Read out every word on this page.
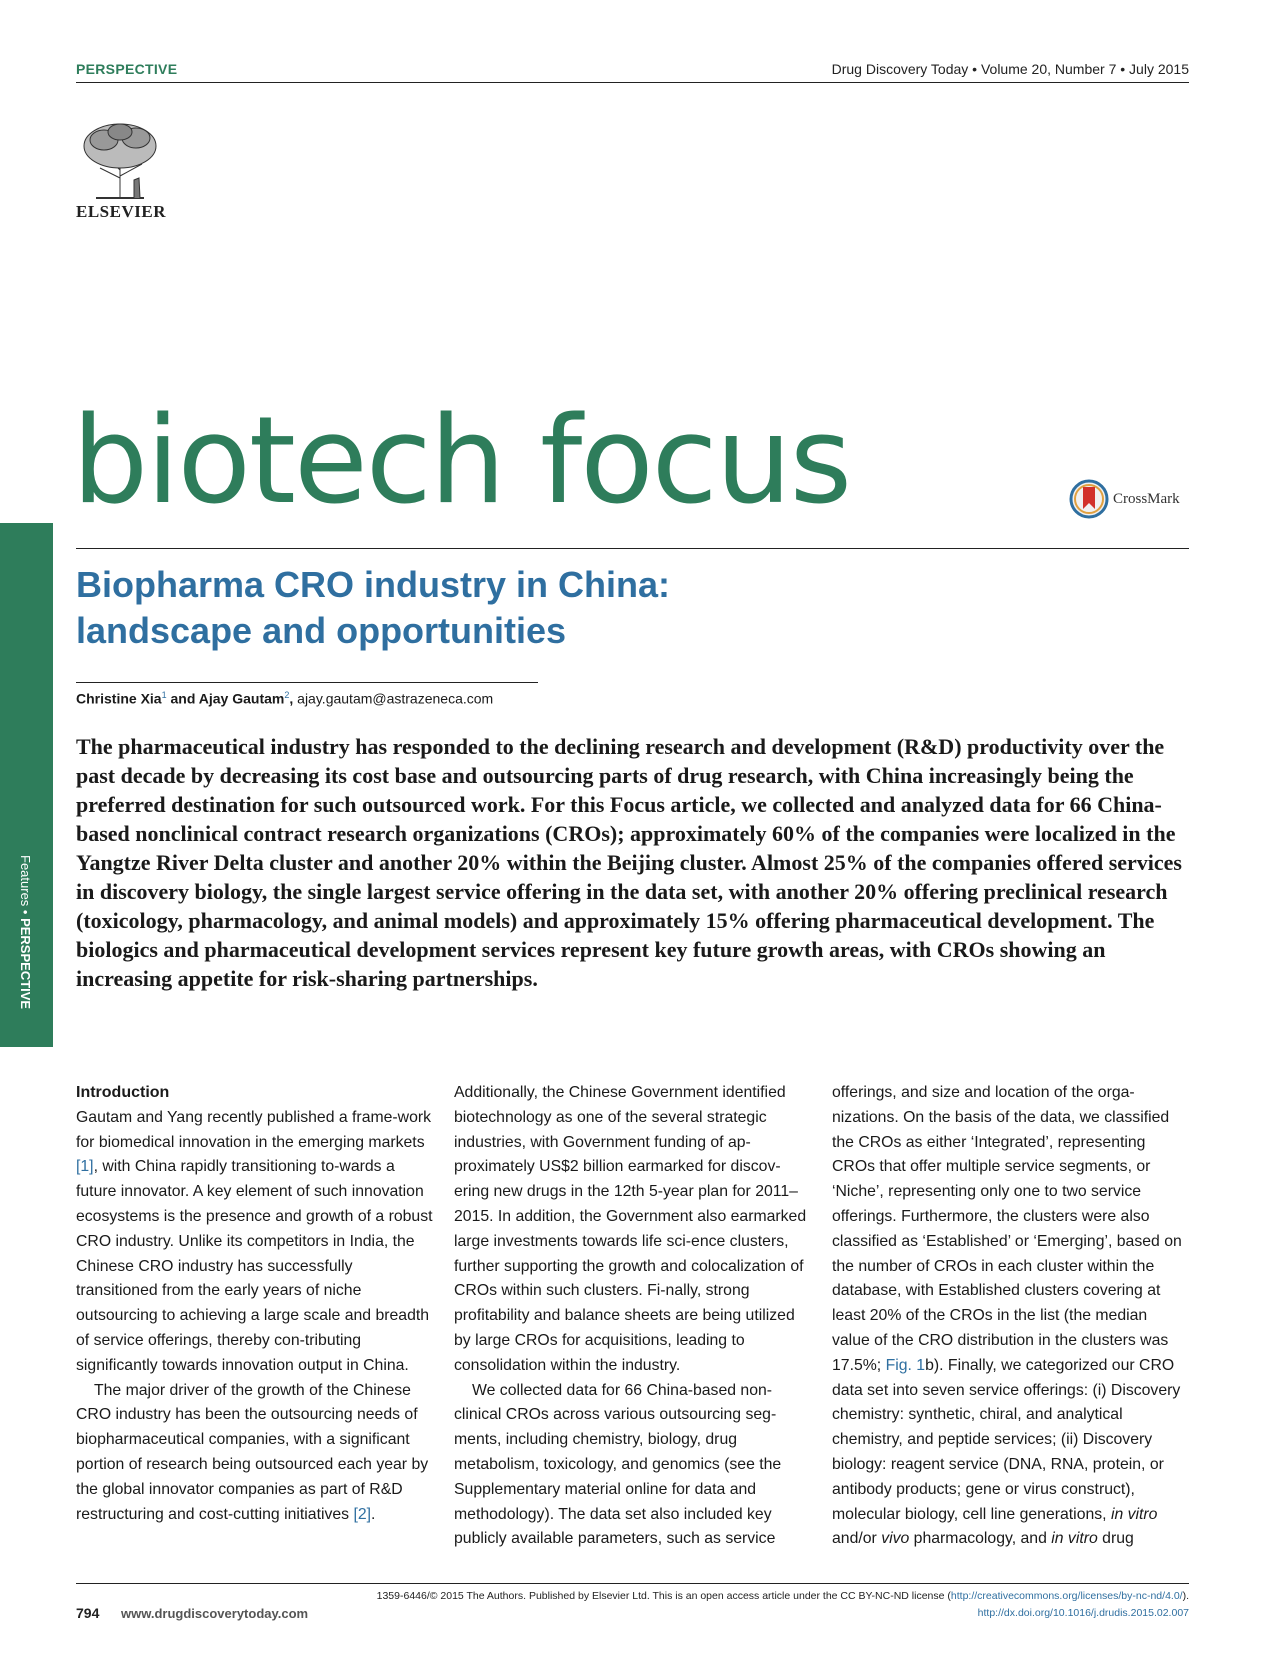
PERSPECTIVE	Drug Discovery Today • Volume 20, Number 7 • July 2015
ELSEVIER
biotech focus	CrossMark
Biopharma CRO industry in China:
landscape and opportunities
Christine Xia$^1$ and Ajay Gautam$^2$, ajay.gautam@astrazeneca.com
The pharmaceutical industry has responded to the declining research and development (R&D) productivity over the past decade by decreasing its cost base and outsourcing parts of drug research, with China increasingly being the preferred destination for such outsourced work. For this Focus article, we collected and analyzed data for 66 China-based nonclinical contract research organizations (CROs); approximately 60% of the companies were localized in the Yangtze River Delta cluster and another 20% within the Beijing cluster. Almost 25% of the companies offered services in discovery biology, the single largest service offering in the data set, with another 20% offering preclinical research (toxicology, pharmacology, and animal models) and approximately 15% offering pharmaceutical development. The biologics and pharmaceutical development services represent key future growth areas, with CROs showing an increasing appetite for risk-sharing partnerships.
Features • PERSPECTIVE
Introduction

Gautam and Yang recently published a frame-work for biomedical innovation in the emerging markets [1], with China rapidly transitioning to-wards a future innovator. A key element of such innovation ecosystems is the presence and growth of a robust CRO industry. Unlike its competitors in India, the Chinese CRO industry has successfully transitioned from the early years of niche outsourcing to achieving a large scale and breadth of service offerings, thereby con-tributing significantly towards innovation output in China.

The major driver of the growth of the Chinese CRO industry has been the outsourcing needs of biopharmaceutical companies, with a significant portion of research being outsourced each year by the global innovator companies as part of R&D restructuring and cost-cutting initiatives [2].

Additionally, the Chinese Government identified biotechnology as one of the several strategic industries, with Government funding of ap-proximately US$2 billion earmarked for discov-ering new drugs in the 12th 5-year plan for 2011–2015. In addition, the Government also earmarked large investments towards life sci-ence clusters, further supporting the growth and colocalization of CROs within such clusters. Fi-nally, strong profitability and balance sheets are being utilized by large CROs for acquisitions, leading to consolidation within the industry.

We collected data for 66 China-based non-clinical CROs across various outsourcing seg-ments, including chemistry, biology, drug metabolism, toxicology, and genomics (see the Supplementary material online for data and methodology). The data set also included key publicly available parameters, such as service

offerings, and size and location of the orga-nizations. On the basis of the data, we classified the CROs as either ‘Integrated’, representing CROs that offer multiple service segments, or ‘Niche’, representing only one to two service offerings. Furthermore, the clusters were also classified as ‘Established’ or ‘Emerging’, based on the number of CROs in each cluster within the database, with Established clusters covering at least 20% of the CROs in the list (the median value of the CRO distribution in the clusters was 17.5%; Fig. 1b). Finally, we categorized our CRO data set into seven service offerings: (i) Discovery chemistry: synthetic, chiral, and analytical chemistry, and peptide services; (ii) Discovery biology: reagent service (DNA, RNA, protein, or antibody products; gene or virus construct), molecular biology, cell line generations, in vitro and/or vivo pharmacology, and in vitro drug

1359-6446/© 2015 The Authors. Published by Elsevier Ltd. This is an open access article under the CC BY-NC-ND license (http://creativecommons.org/licenses/by-nc-nd/4.0/).
http://dx.doi.org/10.1016/j.drudis.2015.02.007
794 www.drugdiscoverytoday.com
